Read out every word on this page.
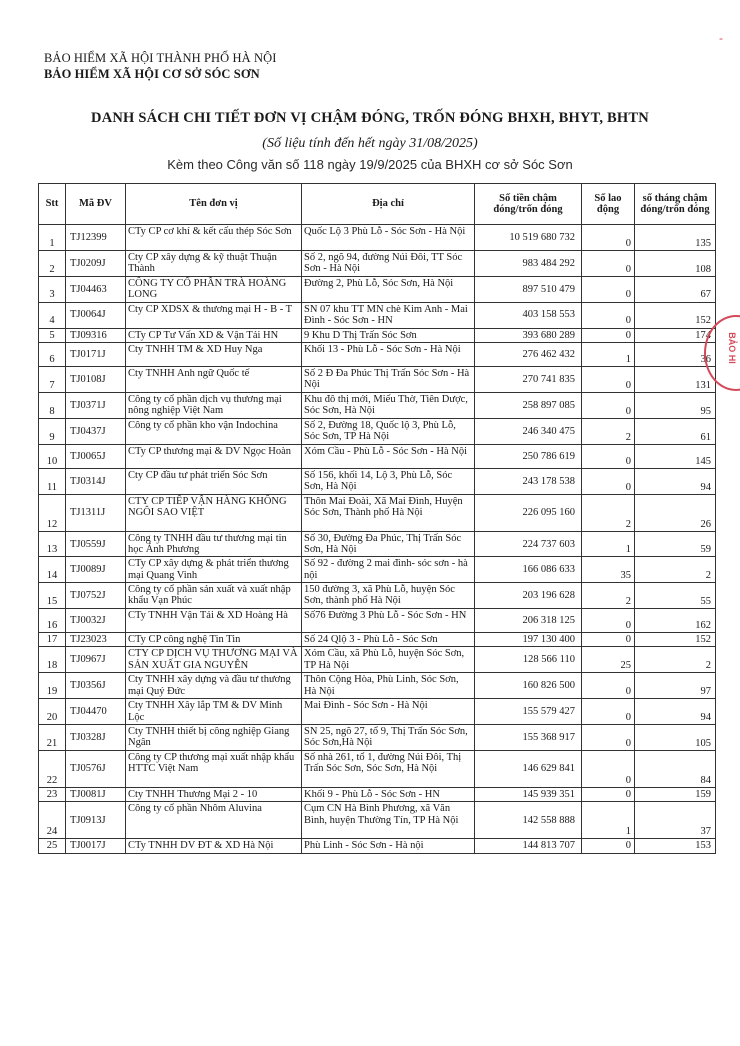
-
BẢO HIỂM XÃ HỘI THÀNH PHỐ HÀ NỘI
BẢO HIỂM XÃ HỘI CƠ SỞ SÓC SƠN
DANH SÁCH CHI TIẾT ĐƠN VỊ CHẬM ĐÓNG, TRỐN ĐÓNG BHXH, BHYT, BHTN
(Số liệu tính đến hết ngày 31/08/2025)
Kèm theo Công văn số 118 ngày 19/9/2025 của BHXH cơ sở Sóc Sơn
Stt	Mã ĐV	Tên đơn vị	Địa chỉ	Số tiền chậm đóng/trốn đóng	Số lao động	số tháng chậm đóng/trốn đóng
1	TJ12399	CTy CP cơ khí & kết cấu thép Sóc Sơn	Quốc Lộ 3 Phù Lỗ - Sóc Sơn - Hà Nội	10 519 680 732	0	135
2	TJ0209J	Cty CP xây dựng & kỹ thuật Thuận Thành	Số 2, ngõ 94, đường Núi Đôi, TT Sóc Sơn - Hà Nội	983 484 292	0	108
3	TJ04463	CÔNG TY CỔ PHẦN TRÀ HOÀNG LONG	Đường 2, Phù Lỗ, Sóc Sơn, Hà Nội	897 510 479	0	67
4	TJ0064J	Cty CP XDSX & thương mại H - B - T	SN 07 khu TT MN chè Kim Anh - Mai Đình - Sóc Sơn - HN	403 158 553	0	152
5	TJ09316	CTy CP Tư Vấn XD & Vận Tải HN	9 Khu D Thị Trấn Sóc Sơn	393 680 289	0	174
6	TJ0171J	Cty TNHH TM & XD Huy Nga	Khối 13 - Phù Lỗ - Sóc Sơn - Hà Nội	276 462 432	1	36
7	TJ0108J	Cty TNHH Anh ngữ Quốc tế	Số 2 Đ Đa Phúc Thị Trấn Sóc Sơn - Hà Nội	270 741 835	0	131
8	TJ0371J	Công ty cổ phần dịch vụ thương mại nông nghiệp Việt Nam	Khu đô thị mới, Miếu Thờ, Tiên Dược, Sóc Sơn, Hà Nội	258 897 085	0	95
9	TJ0437J	Công ty cổ phần kho vận Indochina	Số 2, Đường 18, Quốc lộ 3, Phù Lỗ, Sóc Sơn, TP Hà Nội	246 340 475	2	61
10	TJ0065J	CTy CP thương mại & DV Ngọc Hoàn	Xóm Cầu - Phù Lỗ - Sóc Sơn - Hà Nội	250 786 619	0	145
11	TJ0314J	Cty CP đầu tư phát triển Sóc Sơn	Số 156, khối 14, Lộ 3, Phù Lỗ, Sóc Sơn, Hà Nội	243 178 538	0	94
12	TJ1311J	CTY CP TIẾP VẬN HÀNG KHÔNG NGÔI SAO VIỆT	Thôn Mai Đoài, Xã Mai Đình, Huyện Sóc Sơn, Thành phố Hà Nội	226 095 160	2	26
13	TJ0559J	Công ty TNHH đầu tư thương mại tin học Ánh Phương	Số 30, Đường Đa Phúc, Thị Trấn Sóc Sơn, Hà Nội	224 737 603	1	59
14	TJ0089J	CTy CP xây dựng & phát triển thương mại Quang Vinh	Số 92 - đường 2 mai đình- sóc sơn - hà nội	166 086 633	35	2
15	TJ0752J	Công ty cổ phần sản xuất và xuất nhập khẩu Vạn Phúc	150 đường 3, xã Phù Lỗ, huyện Sóc Sơn, thành phố Hà Nội	203 196 628	2	55
16	TJ0032J	CTy TNHH Vận Tải & XD Hoàng Hà	Số76 Đường 3 Phù Lỗ - Sóc Sơn - HN	206 318 125	0	162
17	TJ23023	CTy CP công nghệ Tin Tin	Số 24 Qlộ 3 - Phù Lỗ - Sóc Sơn	197 130 400	0	152
18	TJ0967J	CTY CP DỊCH VỤ THƯƠNG MẠI VÀ SẢN XUẤT GIA NGUYỄN	Xóm Cầu, xã Phù Lỗ, huyện Sóc Sơn, TP Hà Nội	128 566 110	25	2
19	TJ0356J	Cty TNHH xây dựng và đầu tư thương mại Quý Đức	Thôn Cộng Hòa, Phù Linh, Sóc Sơn, Hà Nội	160 826 500	0	97
20	TJ04470	Cty TNHH Xây lắp TM & DV Minh Lộc	Mai Đình - Sóc Sơn - Hà Nội	155 579 427	0	94
21	TJ0328J	Cty TNHH thiết bị công nghiệp Giang Ngân	SN 25, ngõ 27, tổ 9, Thị Trấn Sóc Sơn, Sóc Sơn,Hà Nội	155 368 917	0	105
22	TJ0576J	Công ty CP thương mại xuất nhập khẩu HTTC Việt Nam	Số nhà 261, tổ 1, đường Núi Đôi, Thị Trấn Sóc Sơn, Sóc Sơn, Hà Nội	146 629 841	0	84
23	TJ0081J	Cty TNHH Thương Mại 2 - 10	Khối 9 - Phù Lỗ - Sóc Sơn - HN	145 939 351	0	159
24	TJ0913J	Công ty cổ phần Nhôm Aluvina	Cụm CN Hà Bình Phương, xã Văn Bình, huyện Thường Tín, TP Hà Nội	142 558 888	1	37
25	TJ0017J	CTy TNHH DV ĐT & XD Hà Nội	Phù Linh - Sóc Sơn - Hà nội	144 813 707	0	153
BẢO HI
